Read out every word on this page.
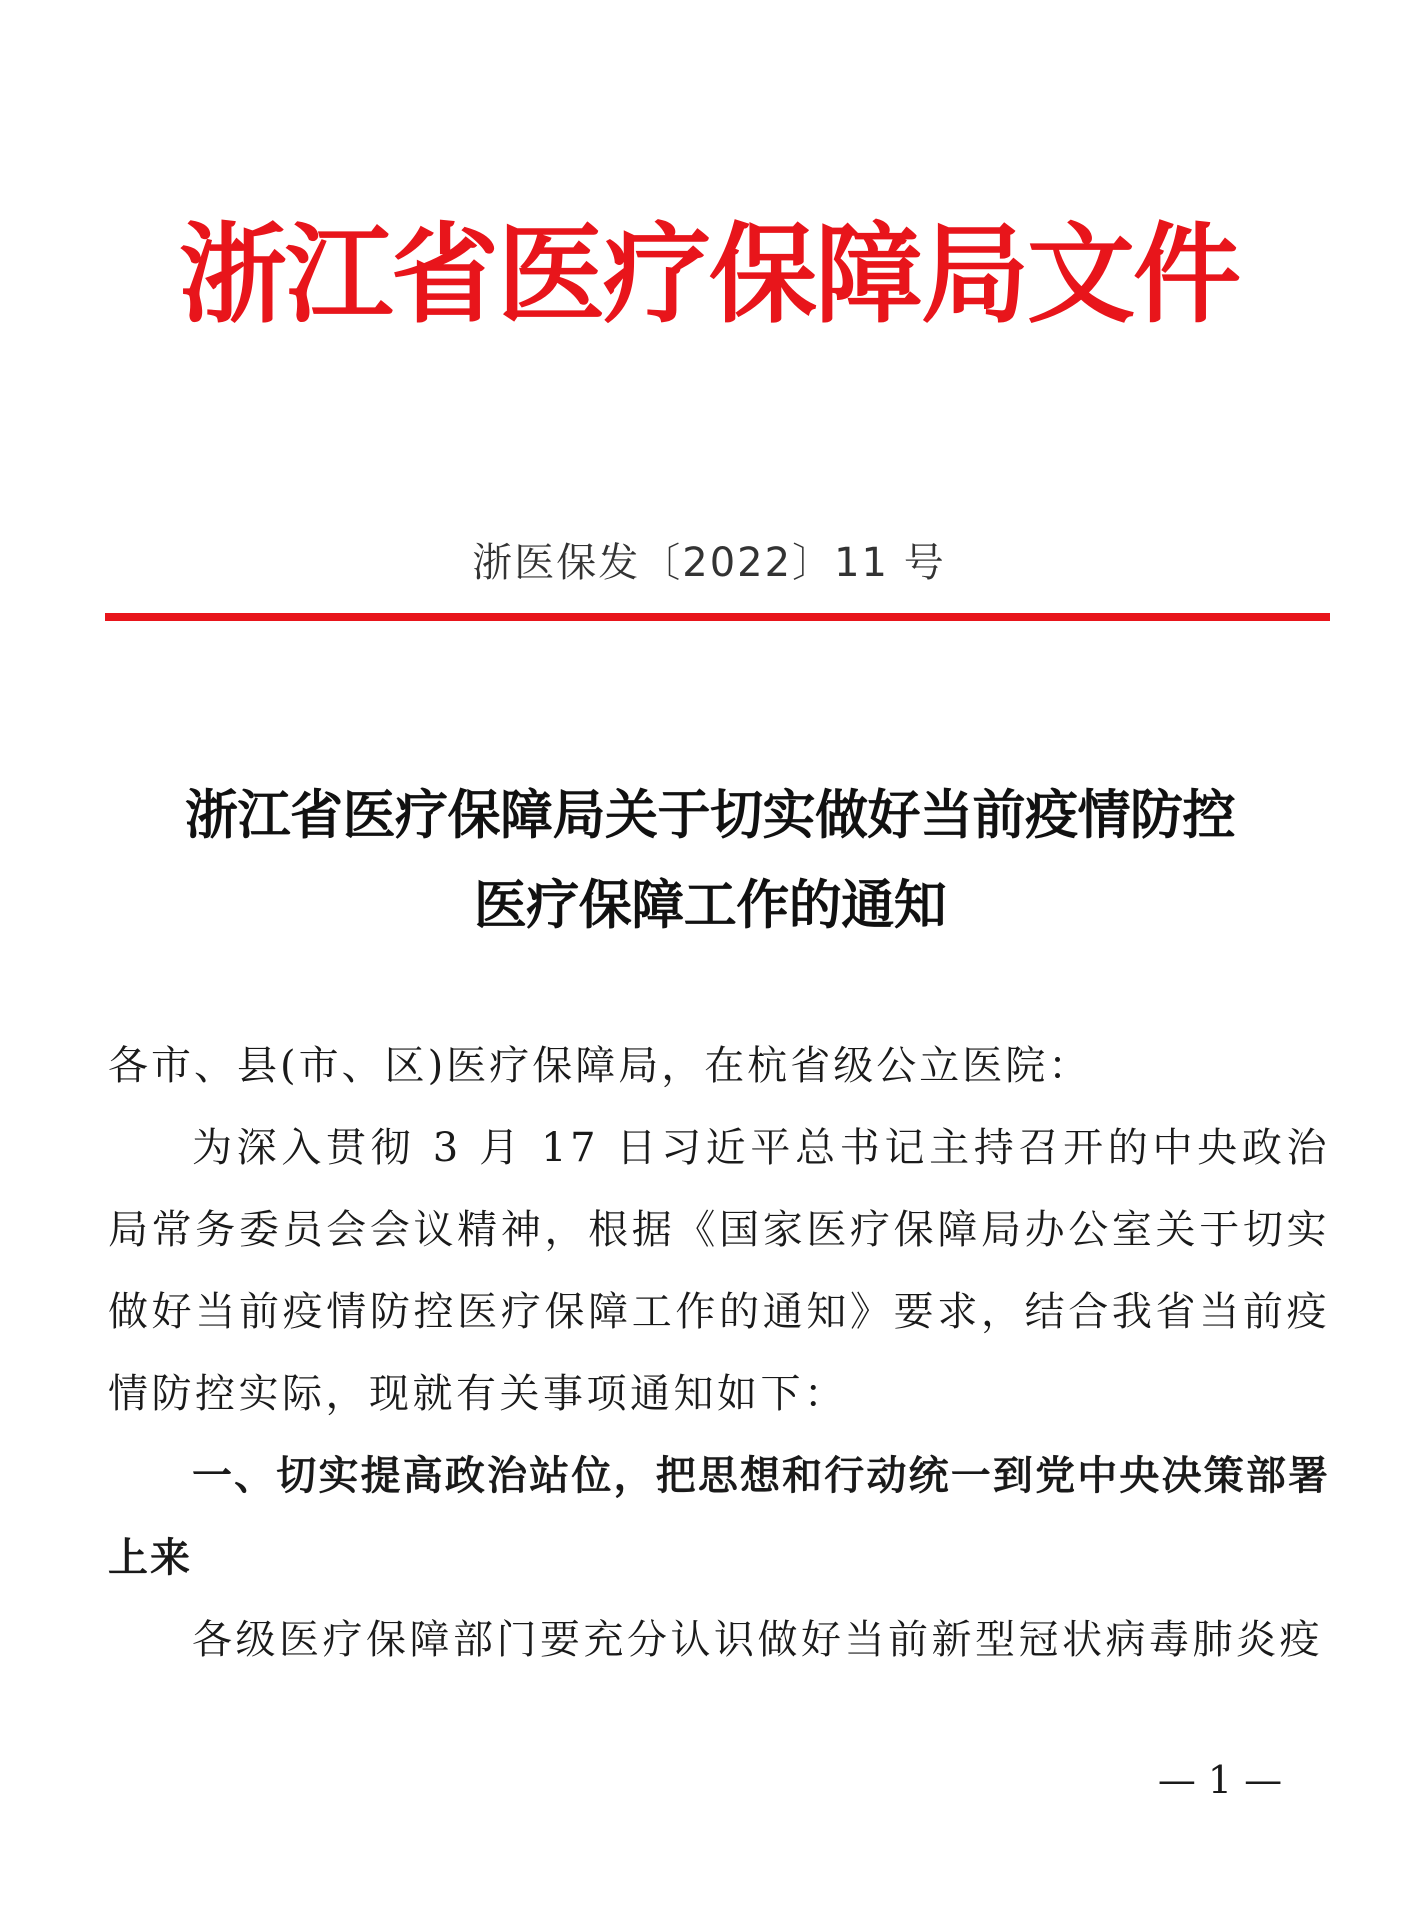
浙江省医疗保障局文件
浙医保发〔2022〕11 号
浙江省医疗保障局关于切实做好当前疫情防控
医疗保障工作的通知

各市、县(市、区)医疗保障局，在杭省级公立医院：

为深入贯彻 3 月 17 日习近平总书记主持召开的中央政治局常务委员会会议精神，根据《国家医疗保障局办公室关于切实做好当前疫情防控医疗保障工作的通知》要求，结合我省当前疫情防控实际，现就有关事项通知如下：

一、切实提高政治站位，把思想和行动统一到党中央决策部署上来

各级医疗保障部门要充分认识做好当前新型冠状病毒肺炎疫

— 1 —
